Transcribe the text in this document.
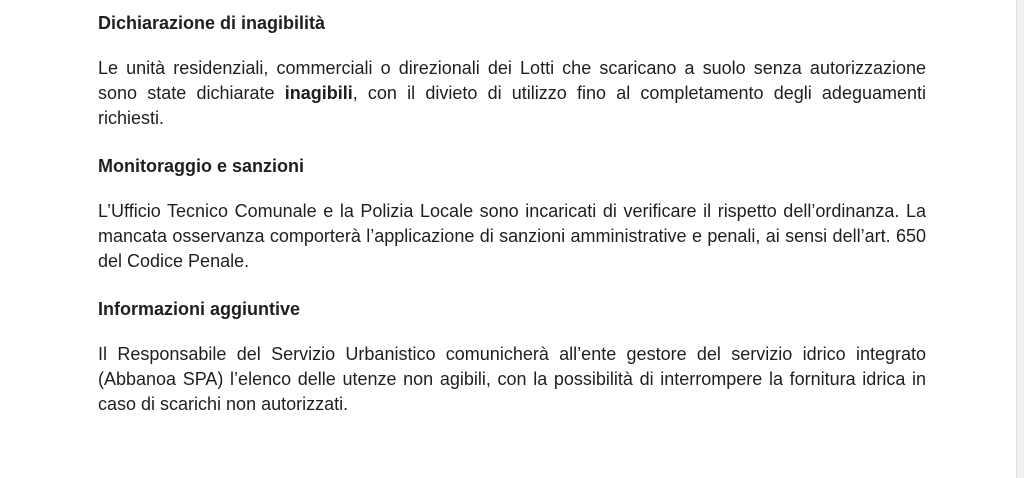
Dichiarazione di inagibilità

Le unità residenziali, commerciali o direzionali dei Lotti che scaricano a suolo senza autorizzazione sono state dichiarate inagibili, con il divieto di utilizzo fino al completamento degli adeguamenti richiesti.

Monitoraggio e sanzioni

L’Ufficio Tecnico Comunale e la Polizia Locale sono incaricati di verificare il rispetto dell’ordinanza. La mancata osservanza comporterà l’applicazione di sanzioni amministrative e penali, ai sensi dell’art. 650 del Codice Penale.

Informazioni aggiuntive

Il Responsabile del Servizio Urbanistico comunicherà all’ente gestore del servizio idrico integrato (Abbanoa SPA) l’elenco delle utenze non agibili, con la possibilità di interrompere la fornitura idrica in caso di scarichi non autorizzati.
